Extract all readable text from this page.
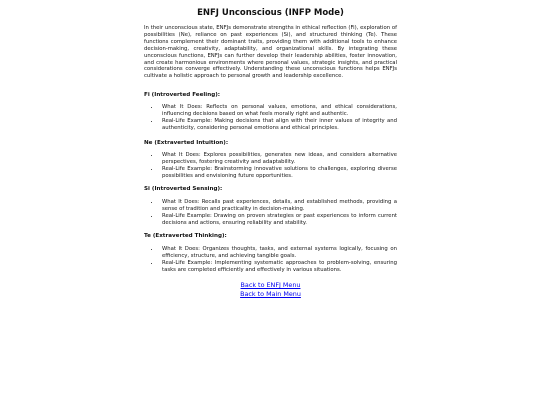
ENFJ Unconscious (INFP Mode)

In their unconscious state, ENFJs demonstrate strengths in ethical reflection (Fi), exploration of possibilities (Ne), reliance on past experiences (Si), and structured thinking (Te). These functions complement their dominant traits, providing them with additional tools to enhance decision-making, creativity, adaptability, and organizational skills. By integrating these unconscious functions, ENFJs can further develop their leadership abilities, foster innovation, and create harmonious environments where personal values, strategic insights, and practical considerations converge effectively. Understanding these unconscious functions helps ENFJs cultivate a holistic approach to personal growth and leadership excellence.

Fi (Introverted Feeling):

• What It Does: Reflects on personal values, emotions, and ethical considerations, influencing decisions based on what feels morally right and authentic.
• Real-Life Example: Making decisions that align with their inner values of integrity and authenticity, considering personal emotions and ethical principles.

Ne (Extraverted Intuition):

• What It Does: Explores possibilities, generates new ideas, and considers alternative perspectives, fostering creativity and adaptability.
• Real-Life Example: Brainstorming innovative solutions to challenges, exploring diverse possibilities and envisioning future opportunities.

Si (Introverted Sensing):

• What It Does: Recalls past experiences, details, and established methods, providing a sense of tradition and practicality in decision-making.
• Real-Life Example: Drawing on proven strategies or past experiences to inform current decisions and actions, ensuring reliability and stability.

Te (Extraverted Thinking):

• What It Does: Organizes thoughts, tasks, and external systems logically, focusing on efficiency, structure, and achieving tangible goals.
• Real-Life Example: Implementing systematic approaches to problem-solving, ensuring tasks are completed efficiently and effectively in various situations.
Back to ENFJ Menu
Back to Main Menu
